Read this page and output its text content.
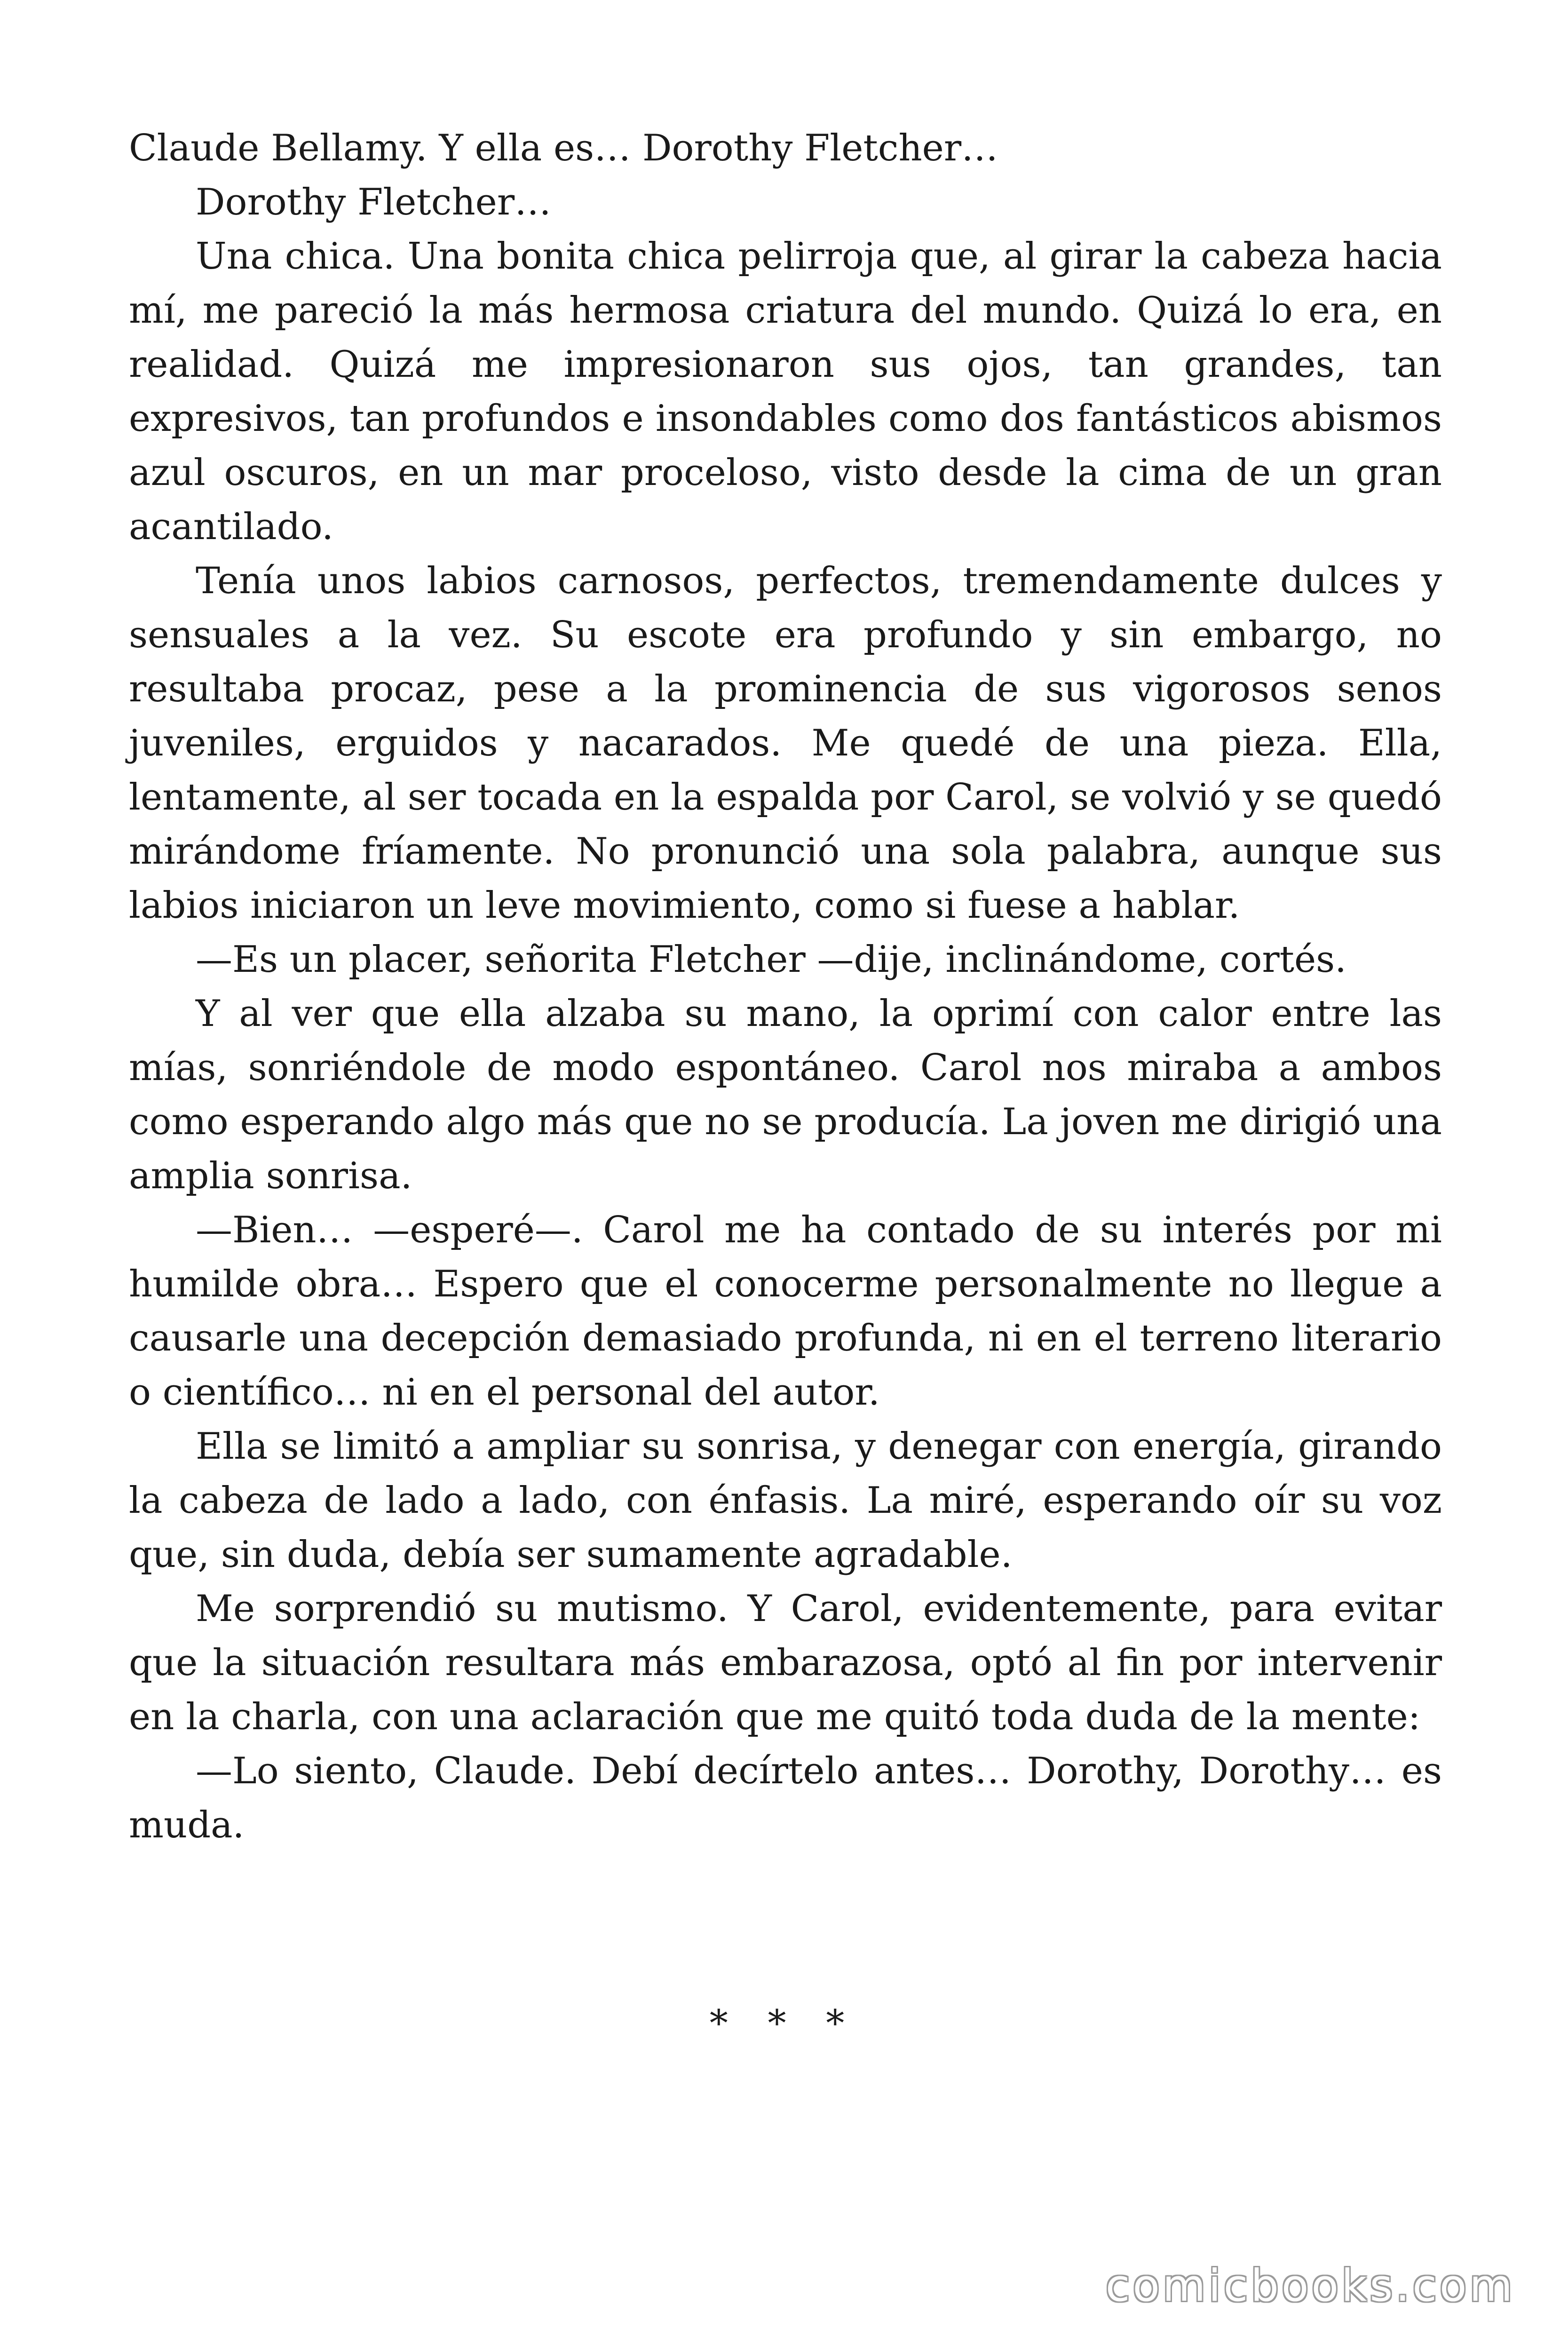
Claude Bellamy. Y ella es… Dorothy Fletcher…

Dorothy Fletcher…

Una chica. Una bonita chica pelirroja que, al girar la cabeza hacia mí, me pareció la más hermosa criatura del mundo. Quizá lo era, en realidad. Quizá me impresionaron sus ojos, tan grandes, tan expresivos, tan profundos e insondables como dos fantásticos abismos azul oscuros, en un mar proceloso, visto desde la cima de un gran acantilado.

Tenía unos labios carnosos, perfectos, tremendamente dulces y sensuales a la vez. Su escote era profundo y sin embargo, no resultaba procaz, pese a la prominencia de sus vigorosos senos juveniles, erguidos y nacarados. Me quedé de una pieza. Ella, lentamente, al ser tocada en la espalda por Carol, se volvió y se quedó mirándome fríamente. No pronunció una sola palabra, aunque sus labios iniciaron un leve movimiento, como si fuese a hablar.

—Es un placer, señorita Fletcher —dije, inclinándome, cortés.

Y al ver que ella alzaba su mano, la oprimí con calor entre las mías, sonriéndole de modo espontáneo. Carol nos miraba a ambos como esperando algo más que no se producía. La joven me dirigió una amplia sonrisa.

—Bien… —esperé—. Carol me ha contado de su interés por mi humilde obra… Espero que el conocerme personalmente no llegue a causarle una decepción demasiado profunda, ni en el terreno literario o científico… ni en el personal del autor.

Ella se limitó a ampliar su sonrisa, y denegar con energía, girando la cabeza de lado a lado, con énfasis. La miré, esperando oír su voz que, sin duda, debía ser sumamente agradable.

Me sorprendió su mutismo. Y Carol, evidentemente, para evitar que la situación resultara más embarazosa, optó al fin por intervenir en la charla, con una aclaración que me quitó toda duda de la mente:

—Lo siento, Claude. Debí decírtelo antes… Dorothy, Dorothy… es muda.

* * *
comicbooks.com
